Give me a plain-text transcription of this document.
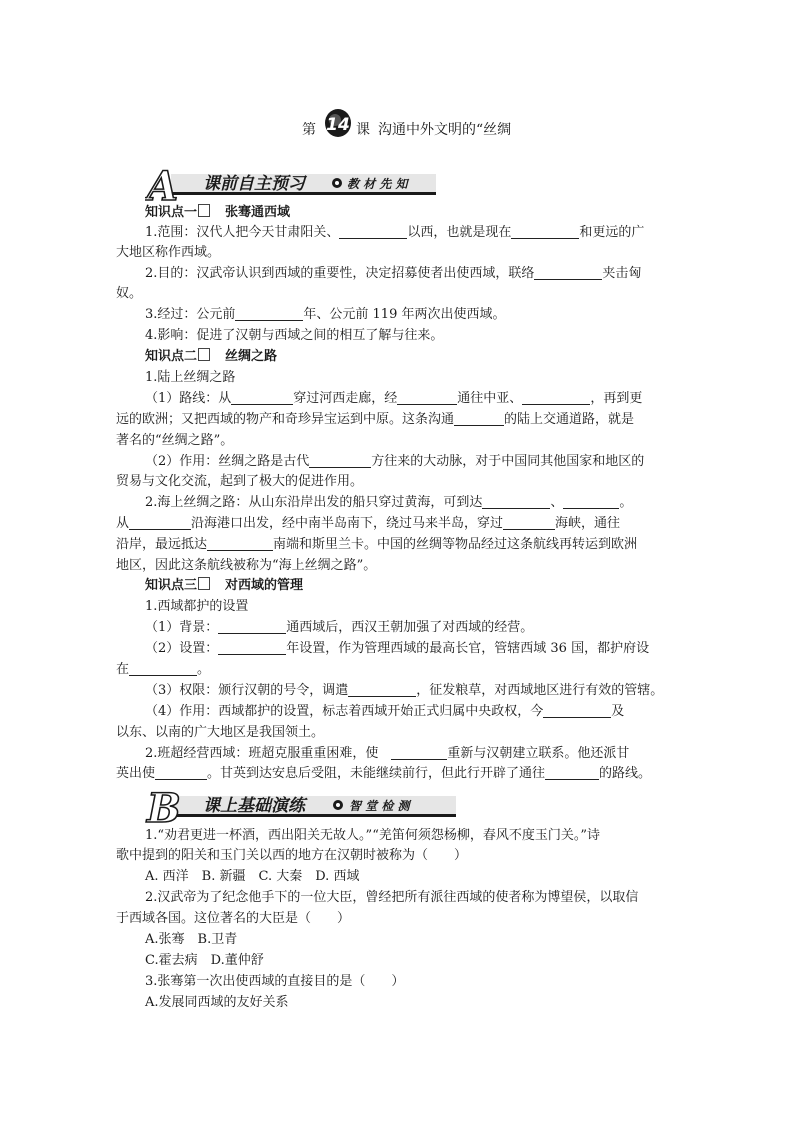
第 14 课 沟通中外文明的“丝绸
A 课前自主预习	教 材 先 知
知识点一 张骞通西域
1.范围：汉代人把今天甘肃阳关、	以西，也就是现在	和更远的广
大地区称作西域。
2.目的：汉武帝认识到西域的重要性，决定招募使者出使西域，联络	夹击匈
奴。
3.经过：公元前	年、公元前 119 年两次出使西域。
4.影响：促进了汉朝与西域之间的相互了解与往来。
知识点二 丝绸之路
1.陆上丝绸之路
（1）路线：从	穿过河西走廊，经	通往中亚、	，再到更
远的欧洲；又把西域的物产和奇珍异宝运到中原。这条沟通	的陆上交通道路，就是
著名的“丝绸之路”。
（2）作用：丝绸之路是古代	方往来的大动脉，对于中国同其他国家和地区的
贸易与文化交流，起到了极大的促进作用。
2.海上丝绸之路：从山东沿岸出发的船只穿过黄海，可到达	、	。
从	沿海港口出发，经中南半岛南下，绕过马来半岛，穿过	海峡，通往
沿岸，最远抵达	南端和斯里兰卡。中国的丝绸等物品经过这条航线再转运到欧洲
地区，因此这条航线被称为“海上丝绸之路”。
知识点三 对西域的管理
1.西域都护的设置
（1）背景：	通西域后，西汉王朝加强了对西域的经营。
（2）设置：	年设置，作为管理西域的最高长官，管辖西域 36 国，都护府设
在	。
（3）权限：颁行汉朝的号令，调遣	，征发粮草，对西域地区进行有效的管辖。
（4）作用：西域都护的设置，标志着西域开始正式归属中央政权，今	及
以东、以南的广大地区是我国领土。
2.班超经营西域：班超克服重重困难，使	重新与汉朝建立联系。他还派甘
英出使	。甘英到达安息后受阻，未能继续前行，但此行开辟了通往	的路线。
B 课上基础演练	智 堂 检 测
1.“劝君更进一杯酒，西出阳关无故人。”“羌笛何须怨杨柳，春风不度玉门关。”诗
歌中提到的阳关和玉门关以西的地方在汉朝时被称为（　　）
A. 西洋　B. 新疆　C. 大秦　D. 西域
2.汉武帝为了纪念他手下的一位大臣，曾经把所有派往西域的使者称为博望侯，以取信
于西域各国。这位著名的大臣是（　　）
A.张骞　B.卫青
C.霍去病　D.董仲舒
3.张骞第一次出使西域的直接目的是（　　）
A.发展同西域的友好关系
